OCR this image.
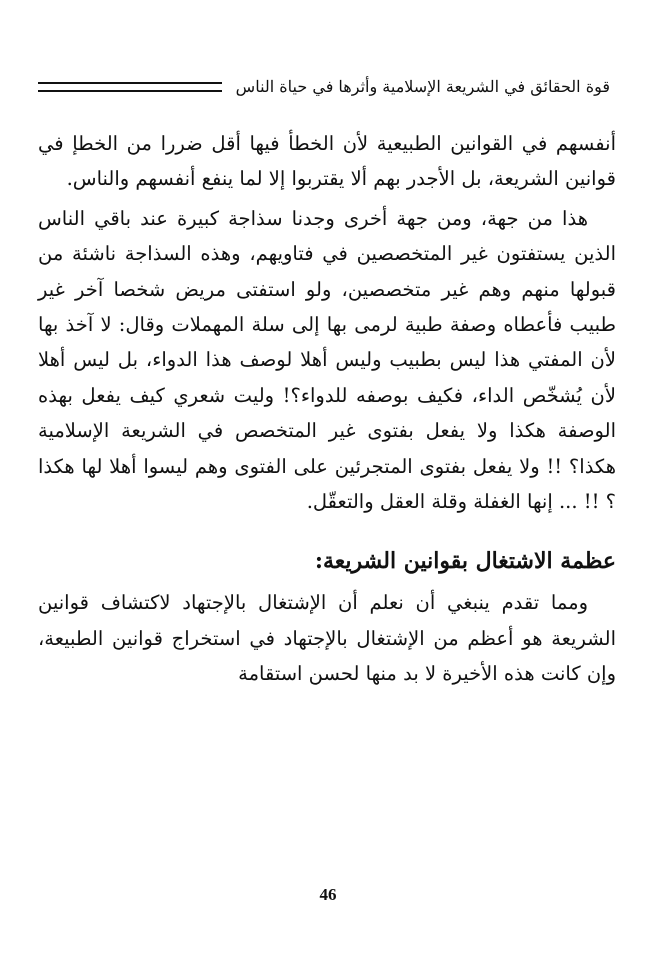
قوة الحقائق في الشريعة الإسلامية وأثرها في حياة الناس

أنفسهم في القوانين الطبيعية لأن الخطأ فيها أقل ضررا من الخطإ في قوانين الشريعة، بل الأجدر بهم ألا يقتربوا إلا لما ينفع أنفسهم والناس.

هذا من جهة، ومن جهة أخرى وجدنا سذاجة كبيرة عند باقي الناس الذين يستفتون غير المتخصصين في فتاويهم، وهذه السذاجة ناشئة من قبولها منهم وهم غير متخصصين، ولو استفتى مريض شخصا آخر غير طبيب فأعطاه وصفة طبية لرمى بها إلى سلة المهملات وقال: لا آخذ بها لأن المفتي هذا ليس بطبيب وليس أهلا لوصف هذا الدواء، بل ليس أهلا لأن يُشخّص الداء، فكيف بوصفه للدواء؟! وليت شعري كيف يفعل بهذه الوصفة هكذا ولا يفعل بفتوى غير المتخصص في الشريعة الإسلامية هكذا؟ !! ولا يفعل بفتوى المتجرئين على الفتوى وهم ليسوا أهلا لها هكذا ؟ !! ... إنها الغفلة وقلة العقل والتعقّل.

عظمة الاشتغال بقوانين الشريعة:

ومما تقدم ينبغي أن نعلم أن الإشتغال بالإجتهاد لاكتشاف قوانين الشريعة هو أعظم من الإشتغال بالإجتهاد في استخراج قوانين الطبيعة، وإن كانت هذه الأخيرة لا بد منها لحسن استقامة

46
